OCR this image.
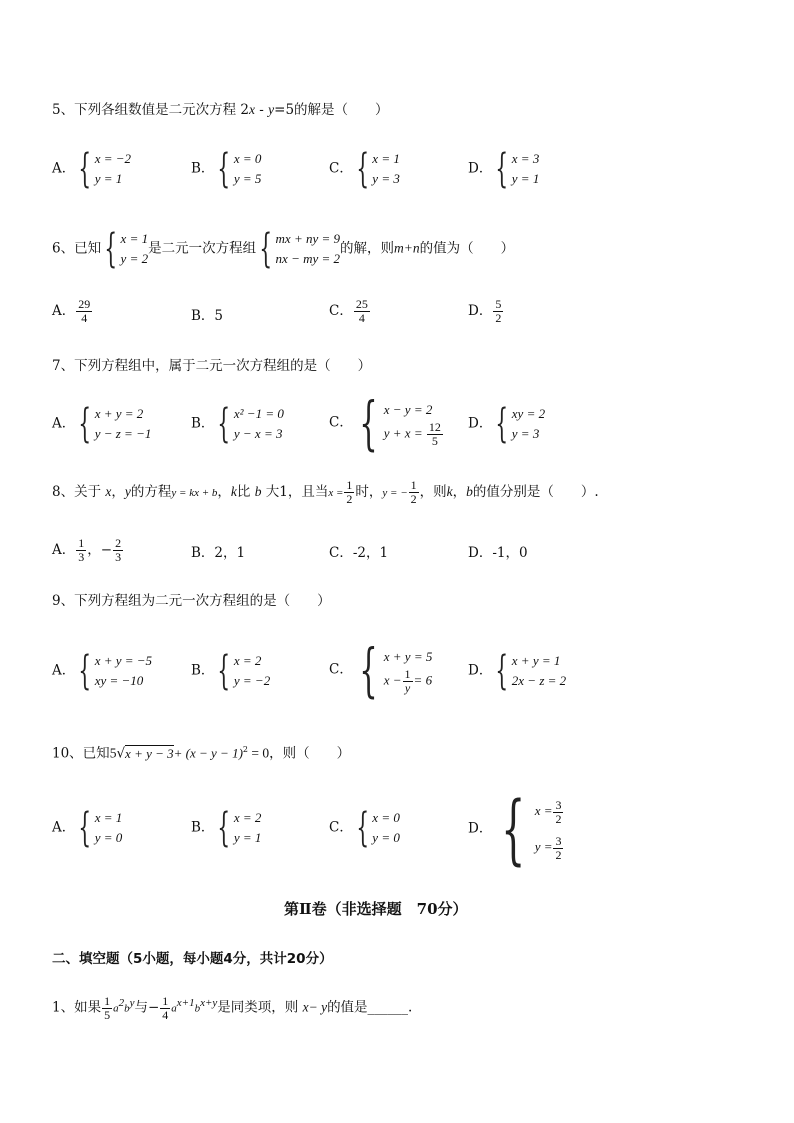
5、下列各组数值是二元次方程 2x - y=5的解是（　　）
A． { x = −2
y = 1
B． { x = 0
y = 5
C． { x = 1
y = 3
D． { x = 3
y = 1
6、已知 { x = 1
y = 2
是二元一次方程组 { mx + ny = 9
nx − my = 2
的解，则m+n的值为（　　）
A． $\frac{29}{4}$	B．5	C． $\frac{25}{4}$	D． $\frac{5}{2}$
7、下列方程组中，属于二元一次方程组的是（　　）
A． { x + y = 2
y − z = −1
B． { x² −1 = 0
y − x = 3
C． { x − y = 2
$y + x = \frac{12}{5}$ D． { xy = 2
y = 3
8、关于 x，y的方程y = kx + b，k比 b 大1，且当$x = \frac{1}{2}$ 时，y = − $\frac{1}{2}$ ，则k，b的值分别是（　　）.
A． $\frac{1}{3}$ ，− $\frac{2}{3}$	B．2，1	C．-2，1	D．-1，0
9、下列方程组为二元一次方程组的是（　　）
A． { x + y = −5
xy = −10
B． { x = 2
y = −2
C． { x + y = 5
$x - \frac{1}{y} = 6$
D． { x + y = 1
2x − z = 2
10、已知$5√x + y - 3+ (x - y - 1)^2 = 0$，则（　　）
A． { x = 1
y = 0
B． { x = 2
y = 1
C． { x = 0
y = 0
D． { $x = \frac{3}{2}$
$y = \frac{3}{2}$
第Ⅱ卷（非选择题　70分）
二、填空题（5小题，每小题4分，共计20分）
1、如果 $\frac{1}{5} a^2b^y$与− $\frac{1}{4} a^{x+1}b^{x+y}$是同类项，则 x− y的值是______.
